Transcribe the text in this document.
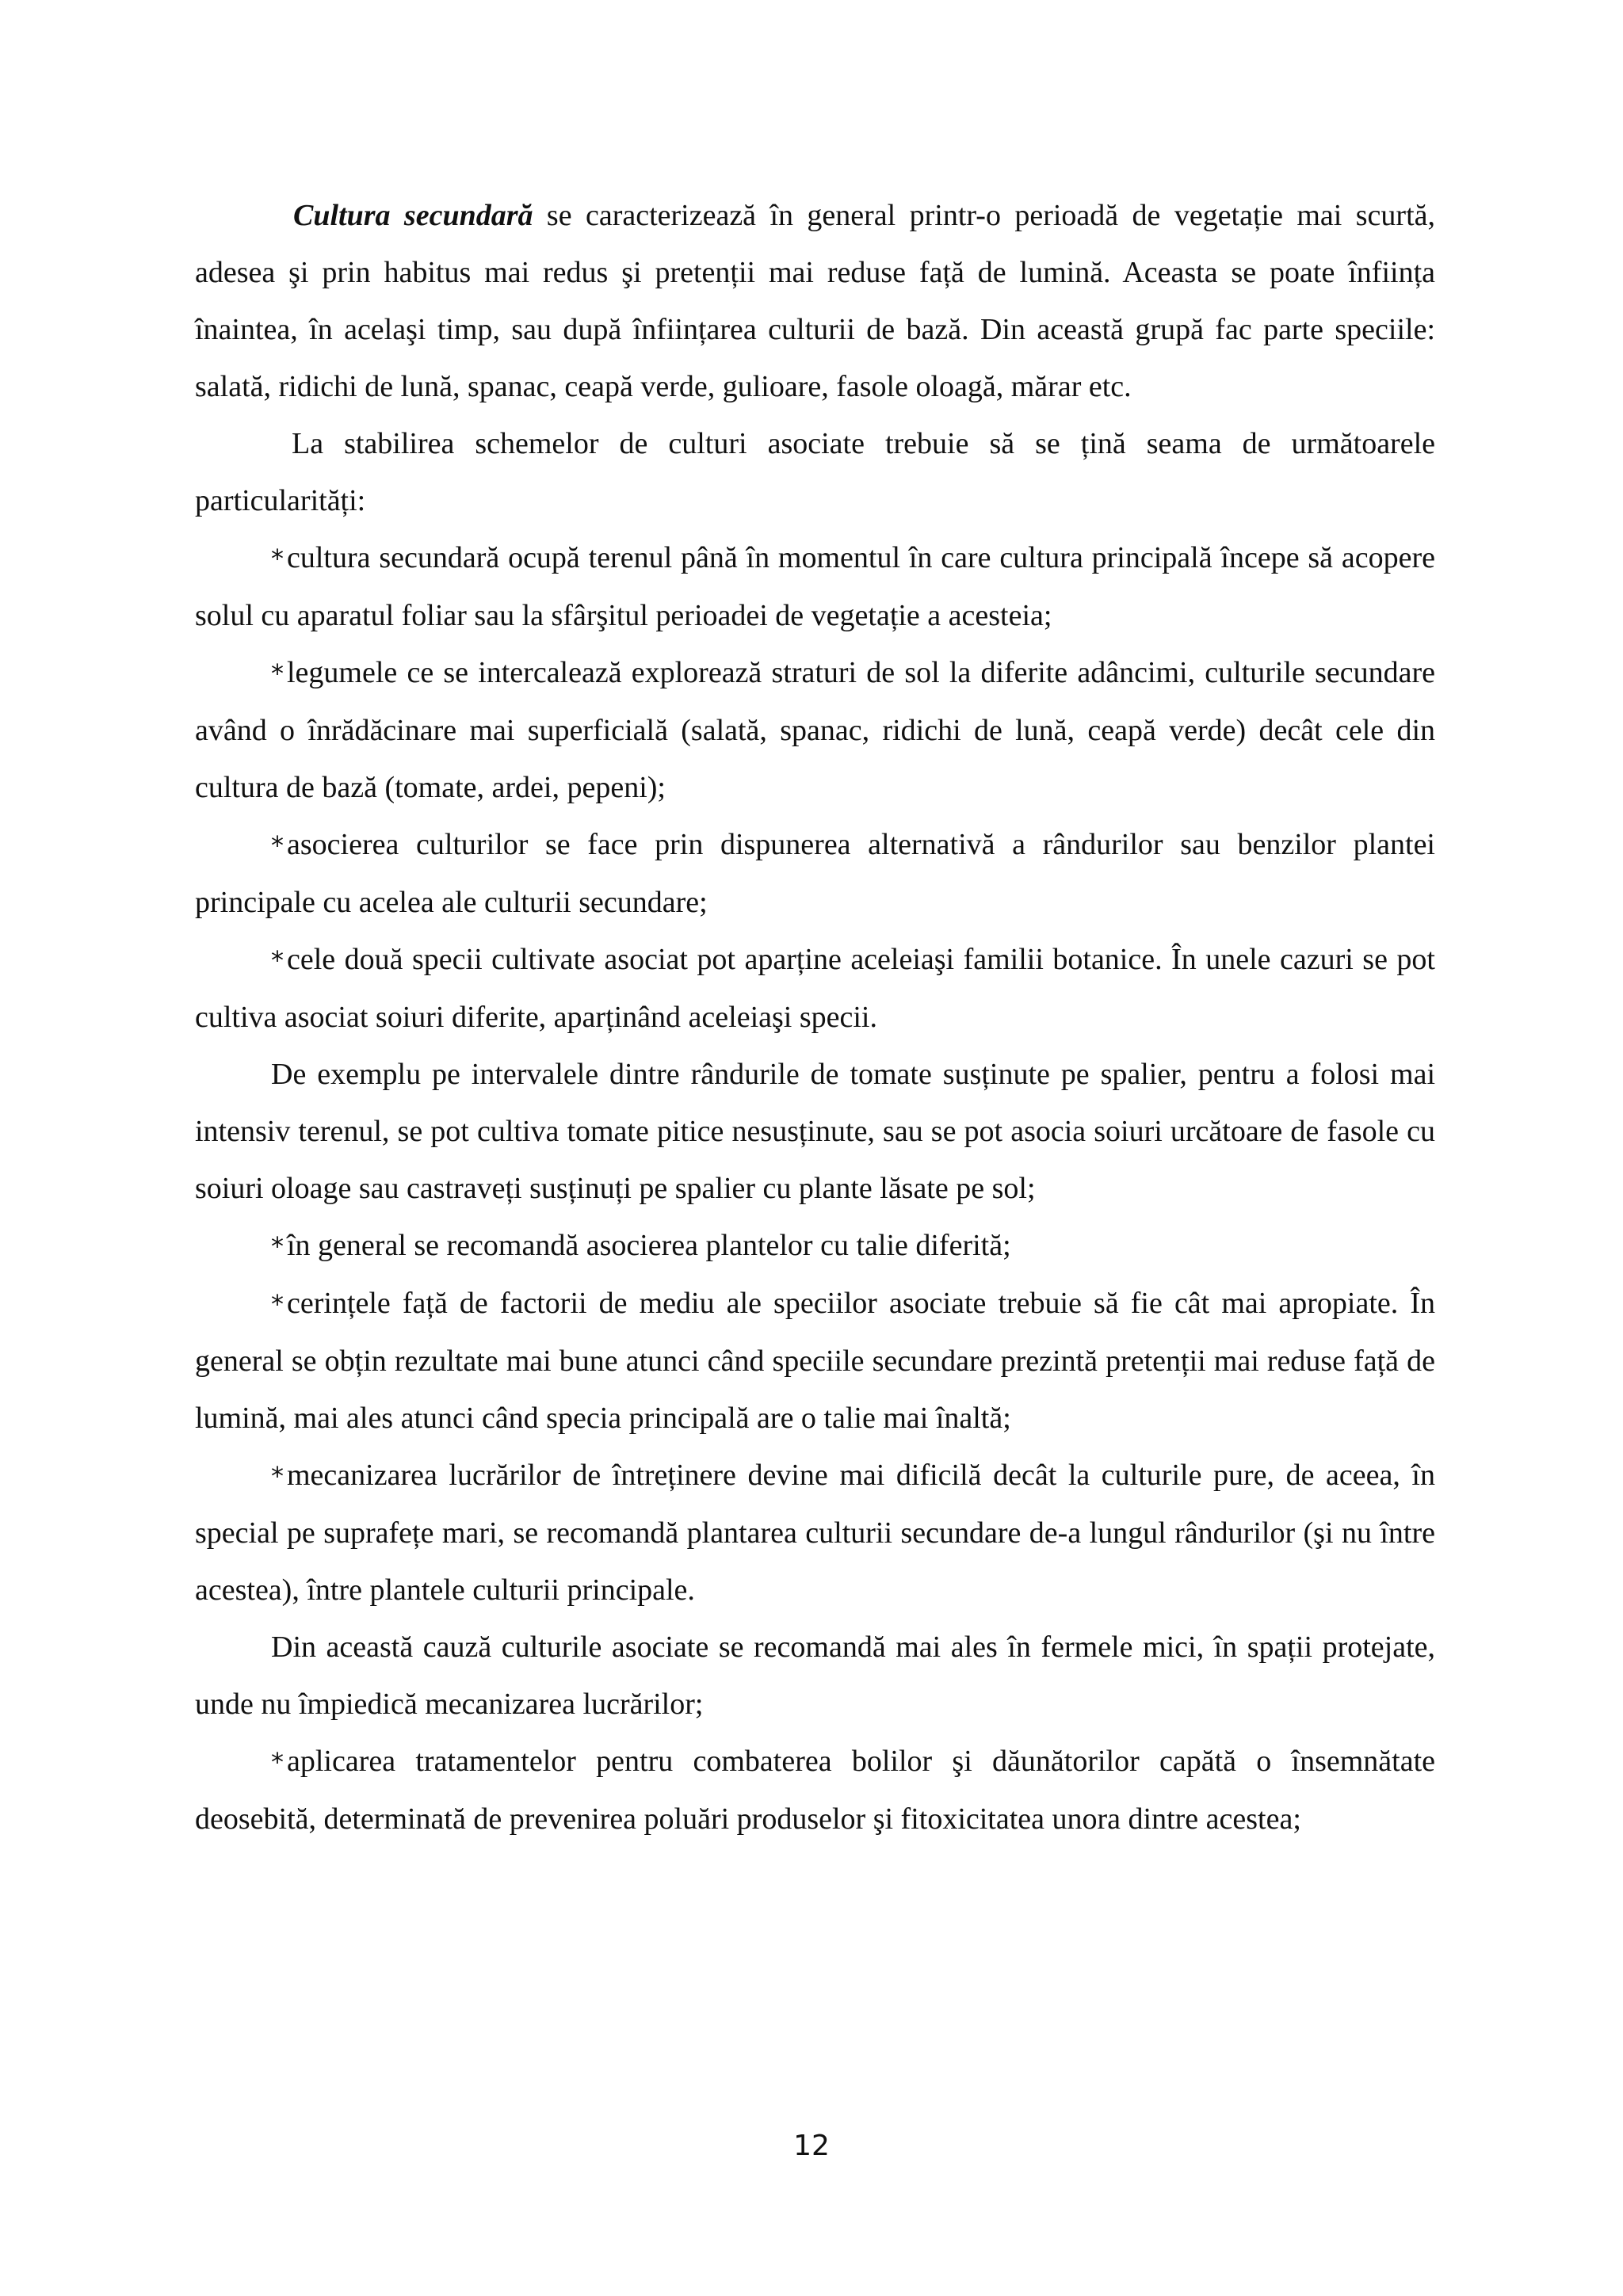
Cultura secundară se caracterizează în general printr-o perioadă de vegetație mai scurtă, adesea şi prin habitus mai redus şi pretenții mai reduse față de lumină. Aceasta se poate înființa înaintea, în acelaşi timp, sau după înființarea culturii de bază. Din această grupă fac parte speciile: salată, ridichi de lună, spanac, ceapă verde, gulioare, fasole oloagă, mărar etc.

La stabilirea schemelor de culturi asociate trebuie să se țină seama de următoarele particularități:

* cultura secundară ocupă terenul până în momentul în care cultura principală începe să acopere solul cu aparatul foliar sau la sfârşitul perioadei de vegetație a acesteia;

* legumele ce se intercalează explorează straturi de sol la diferite adâncimi, culturile secundare având o înrădăcinare mai superficială (salată, spanac, ridichi de lună, ceapă verde) decât cele din cultura de bază (tomate, ardei, pepeni);

* asocierea culturilor se face prin dispunerea alternativă a rândurilor sau benzilor plantei principale cu acelea ale culturii secundare;

* cele două specii cultivate asociat pot aparține aceleiaşi familii botanice. În unele cazuri se pot cultiva asociat soiuri diferite, aparținând aceleiaşi specii.

De exemplu pe intervalele dintre rândurile de tomate susținute pe spalier, pentru a folosi mai intensiv terenul, se pot cultiva tomate pitice nesusținute, sau se pot asocia soiuri urcătoare de fasole cu soiuri oloage sau castraveți susținuți pe spalier cu plante lăsate pe sol;

* în general se recomandă asocierea plantelor cu talie diferită;

* cerințele față de factorii de mediu ale speciilor asociate trebuie să fie cât mai apropiate. În general se obțin rezultate mai bune atunci când speciile secundare prezintă pretenții mai reduse față de lumină, mai ales atunci când specia principală are o talie mai înaltă;

* mecanizarea lucrărilor de întreținere devine mai dificilă decât la culturile pure, de aceea, în special pe suprafețe mari, se recomandă plantarea culturii secundare de-a lungul rândurilor (şi nu între acestea), între plantele culturii principale.

Din această cauză culturile asociate se recomandă mai ales în fermele mici, în spații protejate, unde nu împiedică mecanizarea lucrărilor;

* aplicarea tratamentelor pentru combaterea bolilor şi dăunătorilor capătă o însemnătate deosebită, determinată de prevenirea poluări produselor şi fitoxicitatea unora dintre acestea;

12
